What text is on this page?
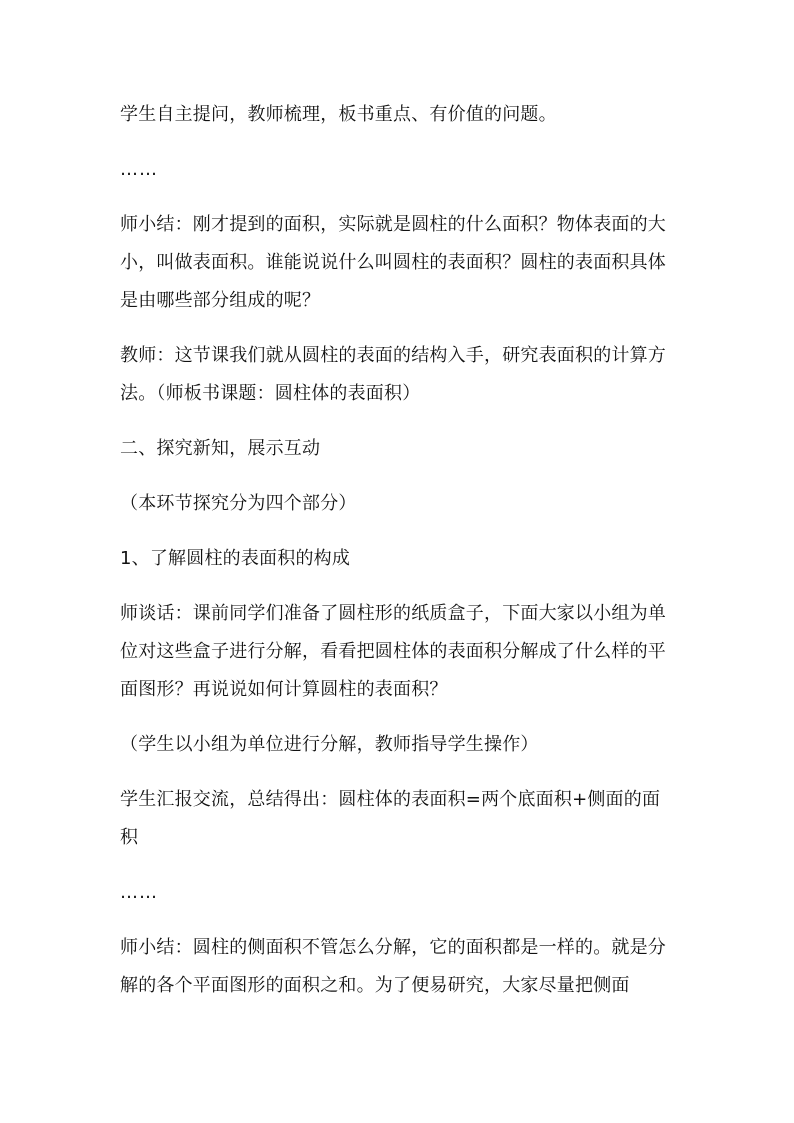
学生自主提问，教师梳理，板书重点、有价值的问题。

……

师小结：刚才提到的面积，实际就是圆柱的什么面积？物体表面的大小，叫做表面积。谁能说说什么叫圆柱的表面积？圆柱的表面积具体是由哪些部分组成的呢？

教师：这节课我们就从圆柱的表面的结构入手，研究表面积的计算方法。（师板书课题：圆柱体的表面积）

二、探究新知，展示互动

（本环节探究分为四个部分）

1、了解圆柱的表面积的构成

师谈话：课前同学们准备了圆柱形的纸质盒子，下面大家以小组为单位对这些盒子进行分解，看看把圆柱体的表面积分解成了什么样的平面图形？再说说如何计算圆柱的表面积？

（学生以小组为单位进行分解，教师指导学生操作）

学生汇报交流，总结得出：圆柱体的表面积=两个底面积+侧面的面积

……

师小结：圆柱的侧面积不管怎么分解，它的面积都是一样的。就是分解的各个平面图形的面积之和。为了便易研究，大家尽量把侧面
